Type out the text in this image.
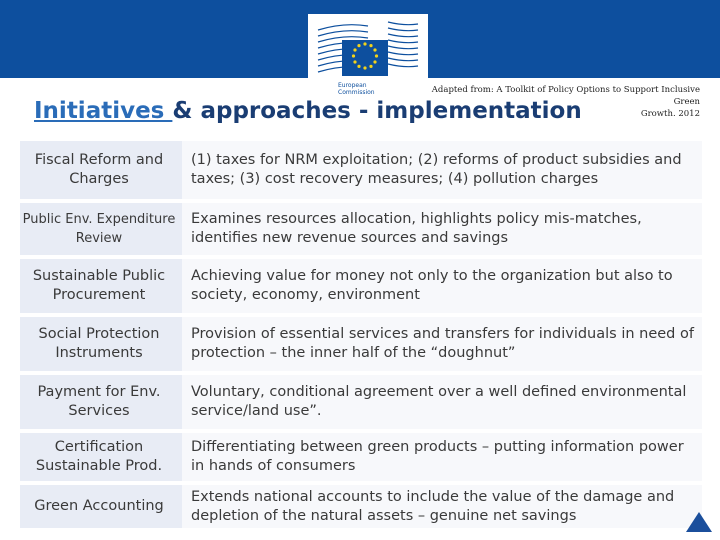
European
Commission	Adapted from: A Toolkit of Policy Options to Support Inclusive Green
Growth. 2012
Initiatives & approaches - implementation
Fiscal Reform and Charges
(1) taxes for NRM exploitation; (2) reforms of product subsidies and taxes; (3) cost recovery measures; (4) pollution charges
Public Env. Expenditure Review
Examines resources allocation, highlights policy mis-matches, identifies new revenue sources and savings
Sustainable Public Procurement
Achieving value for money not only to the organization but also to society, economy, environment
Social Protection Instruments
Provision of essential services and transfers for individuals in need of protection – the inner half of the “doughnut”
Payment for Env. Services
Voluntary, conditional agreement over a well defined environmental service/land use”.
Certification Sustainable Prod.
Differentiating between green products – putting information power in hands of consumers
Green Accounting
Extends national accounts to include the value of the damage and depletion of the natural assets – genuine net savings
